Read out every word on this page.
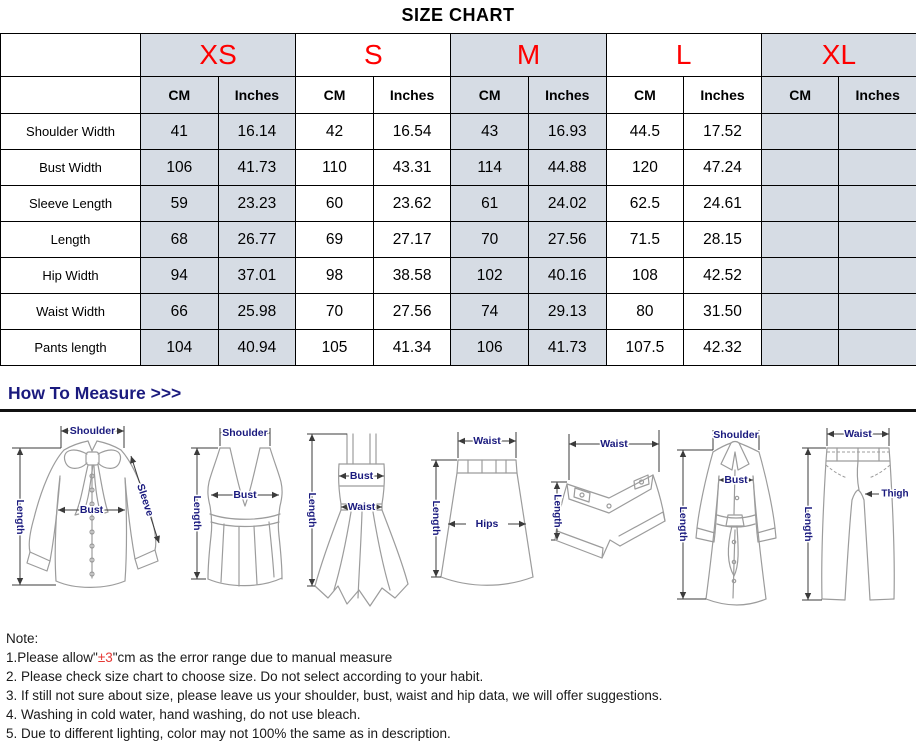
SIZE CHART
	XS		S		M		L		XL	
	CM	Inches	CM	Inches	CM	Inches	CM	Inches	CM	Inches
Shoulder Width	41	16.14	42	16.54	43	16.93	44.5	17.52		
Bust Width	106	41.73	110	43.31	114	44.88	120	47.24		
Sleeve Length	59	23.23	60	23.62	61	24.02	62.5	24.61		
Length	68	26.77	69	27.17	70	27.56	71.5	28.15		
Hip Width	94	37.01	98	38.58	102	40.16	108	42.52		
Waist Width	66	25.98	70	27.56	74	29.13	80	31.50		
Pants length	104	40.94	105	41.34	106	41.73	107.5	42.32		
How To Measure >>>
Shoulder
Bust
Length	Sleeve
Shoulder
Bust
Length
Bust
Waist
Length
Waist
Hips
Length
Waist
Length
Shoulder
Bust
Length
Waist
Length
Thigh
Note:
1.Please allow"±3"cm as the error range due to manual measure
2. Please check size chart to choose size. Do not select according to your habit.
3. If still not sure about size, please leave us your shoulder, bust, waist and hip data, we will offer suggestions.
4. Washing in cold water, hand washing, do not use bleach.
5. Due to different lighting, color may not 100% the same as in description.
